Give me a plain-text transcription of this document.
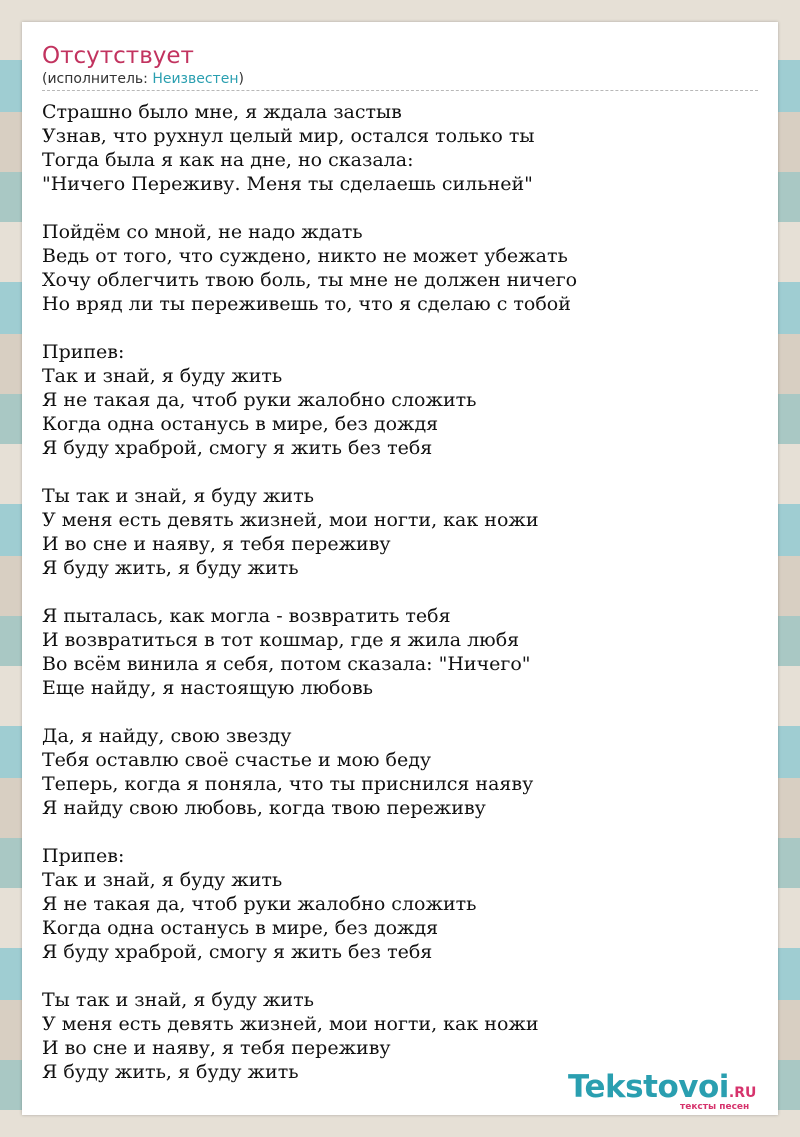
Отсутствует
(исполнитель: Неизвестен)
Страшно было мне, я ждала застыв
Узнав, что рухнул целый мир, остался только ты
Тогда была я как на дне, но сказала:
"Ничего Переживу. Меня ты сделаешь сильней"
Пойдём со мной, не надо ждать
Ведь от того, что суждено, никто не может убежать
Хочу облегчить твою боль, ты мне не должен ничего
Но вряд ли ты переживешь то, что я сделаю с тобой
Припев:
Так и знай, я буду жить
Я не такая да, чтоб руки жалобно сложить
Когда одна останусь в мире, без дождя
Я буду храброй, смогу я жить без тебя
Ты так и знай, я буду жить
У меня есть девять жизней, мои ногти, как ножи
И во сне и наяву, я тебя переживу
Я буду жить, я буду жить
Я пыталась, как могла - возвратить тебя
И возвратиться в тот кошмар, где я жила любя
Во всём винила я себя, потом сказала: "Ничего"
Еще найду, я настоящую любовь
Да, я найду, свою звезду
Тебя оставлю своё счастье и мою беду
Теперь, когда я поняла, что ты приснился наяву
Я найду свою любовь, когда твою переживу
Припев:
Так и знай, я буду жить
Я не такая да, чтоб руки жалобно сложить
Когда одна останусь в мире, без дождя
Я буду храброй, смогу я жить без тебя
Ты так и знай, я буду жить
У меня есть девять жизней, мои ногти, как ножи
И во сне и наяву, я тебя переживу
Я буду жить, я буду жить	Tekstovoi.RU
тексты песен
